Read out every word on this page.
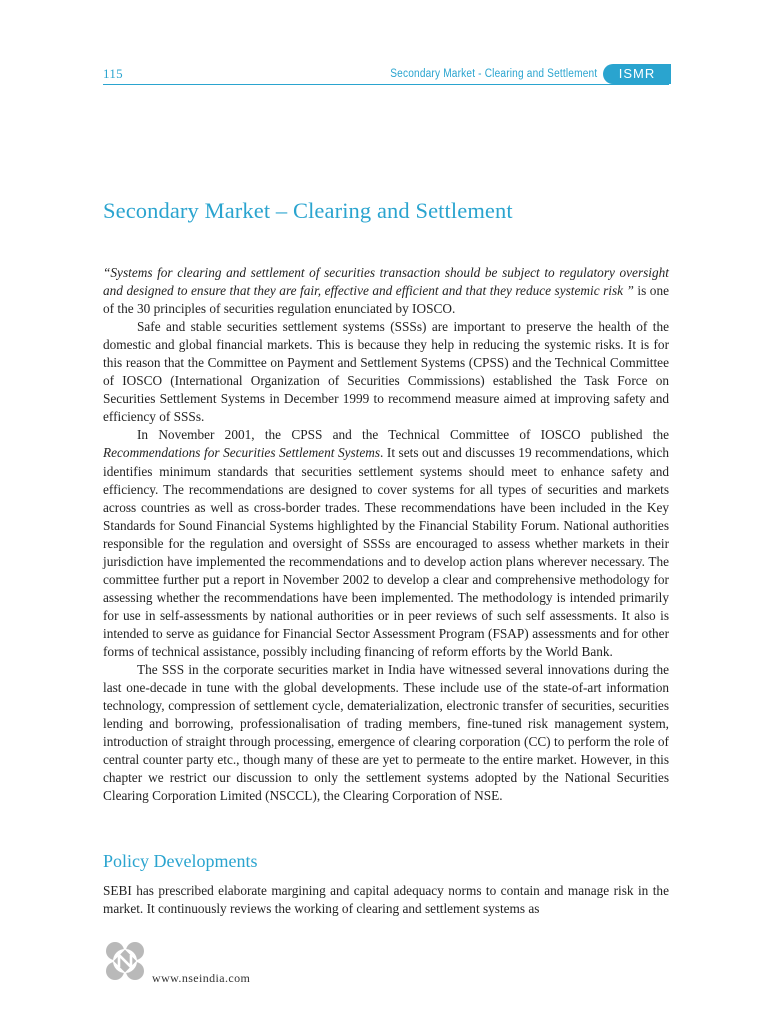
115	Secondary Market - Clearing and Settlement	ISMR
Secondary Market – Clearing and Settlement

“Systems for clearing and settlement of securities transaction should be subject to regulatory oversight and designed to ensure that they are fair, effective and efficient and that they reduce systemic risk ” is one of the 30 principles of securities regulation enunciated by IOSCO.

Safe and stable securities settlement systems (SSSs) are important to preserve the health of the domestic and global financial markets. This is because they help in reducing the systemic risks. It is for this reason that the Committee on Payment and Settlement Systems (CPSS) and the Technical Committee of IOSCO (International Organization of Securities Commissions) established the Task Force on Securities Settlement Systems in December 1999 to recommend measure aimed at improving safety and efficiency of SSSs.

In November 2001, the CPSS and the Technical Committee of IOSCO published the Recommendations for Securities Settlement Systems. It sets out and discusses 19 recommendations, which identifies minimum standards that securities settlement systems should meet to enhance safety and efficiency. The recommendations are designed to cover systems for all types of securities and markets across countries as well as cross-border trades. These recommendations have been included in the Key Standards for Sound Financial Systems highlighted by the Financial Stability Forum. National authorities responsible for the regulation and oversight of SSSs are encouraged to assess whether markets in their jurisdiction have implemented the recommendations and to develop action plans wherever necessary. The committee further put a report in November 2002 to develop a clear and comprehensive methodology for assessing whether the recommendations have been implemented. The methodology is intended primarily for use in self-assessments by national authorities or in peer reviews of such self assessments. It also is intended to serve as guidance for Financial Sector Assessment Program (FSAP) assessments and for other forms of technical assistance, possibly including financing of reform efforts by the World Bank.

The SSS in the corporate securities market in India have witnessed several innovations during the last one-decade in tune with the global developments. These include use of the state-of-art information technology, compression of settlement cycle, dematerialization, electronic transfer of securities, securities lending and borrowing, professionalisation of trading members, fine-tuned risk management system, introduction of straight through processing, emergence of clearing corporation (CC) to perform the role of central counter party etc., though many of these are yet to permeate to the entire market. However, in this chapter we restrict our discussion to only the settlement systems adopted by the National Securities Clearing Corporation Limited (NSCCL), the Clearing Corporation of NSE.

Policy Developments

SEBI has prescribed elaborate margining and capital adequacy norms to contain and manage risk in the market. It continuously reviews the working of clearing and settlement systems as

www.nseindia.com
